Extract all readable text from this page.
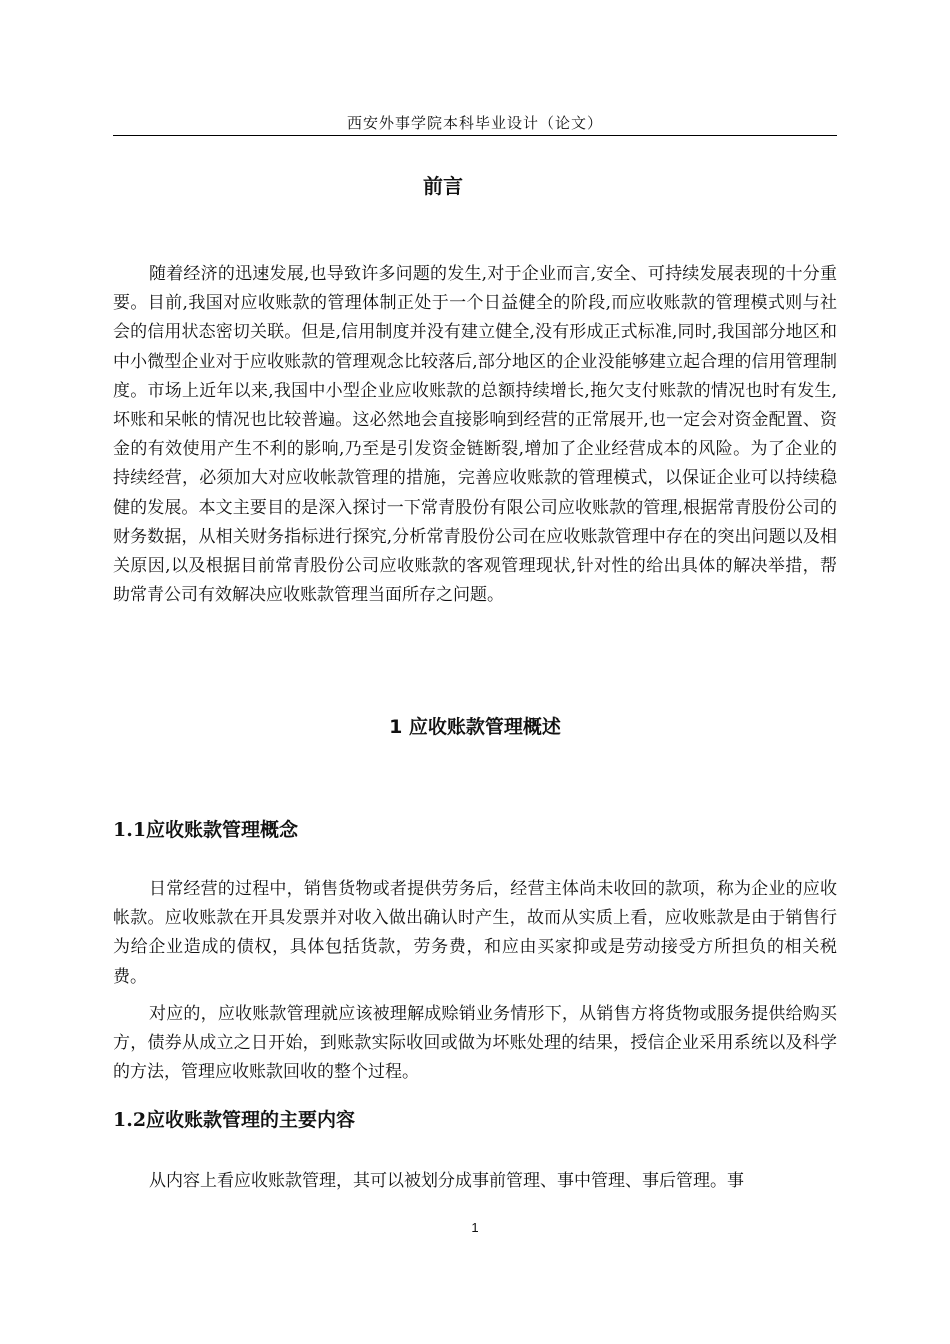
西安外事学院本科毕业设计（论文）
前言

随着经济的迅速发展,也导致许多问题的发生,对于企业而言,安全、可持续发展表现的十分重要。目前,我国对应收账款的管理体制正处于一个日益健全的阶段,而应收账款的管理模式则与社会的信用状态密切关联。但是,信用制度并没有建立健全,没有形成正式标准,同时,我国部分地区和中小微型企业对于应收账款的管理观念比较落后,部分地区的企业没能够建立起合理的信用管理制度。市场上近年以来,我国中小型企业应收账款的总额持续增长,拖欠支付账款的情况也时有发生,坏账和呆帐的情况也比较普遍。这必然地会直接影响到经营的正常展开,也一定会对资金配置、资金的有效使用产生不利的影响,乃至是引发资金链断裂,增加了企业经营成本的风险。为了企业的持续经营，必须加大对应收帐款管理的措施，完善应收账款的管理模式，以保证企业可以持续稳健的发展。本文主要目的是深入探讨一下常青股份有限公司应收账款的管理,根据常青股份公司的财务数据，从相关财务指标进行探究,分析常青股份公司在应收账款管理中存在的突出问题以及相关原因,以及根据目前常青股份公司应收账款的客观管理现状,针对性的给出具体的解决举措，帮助常青公司有效解决应收账款管理当面所存之问题。

1 应收账款管理概述
1.1应收账款管理概念

日常经营的过程中，销售货物或者提供劳务后，经营主体尚未收回的款项，称为企业的应收帐款。应收账款在开具发票并对收入做出确认时产生，故而从实质上看，应收账款是由于销售行为给企业造成的债权，具体包括货款，劳务费，和应由买家抑或是劳动接受方所担负的相关税费。

对应的，应收账款管理就应该被理解成赊销业务情形下，从销售方将货物或服务提供给购买方，债券从成立之日开始，到账款实际收回或做为坏账处理的结果，授信企业采用系统以及科学的方法，管理应收账款回收的整个过程。

1.2应收账款管理的主要内容

从内容上看应收账款管理，其可以被划分成事前管理、事中管理、事后管理。事

1
